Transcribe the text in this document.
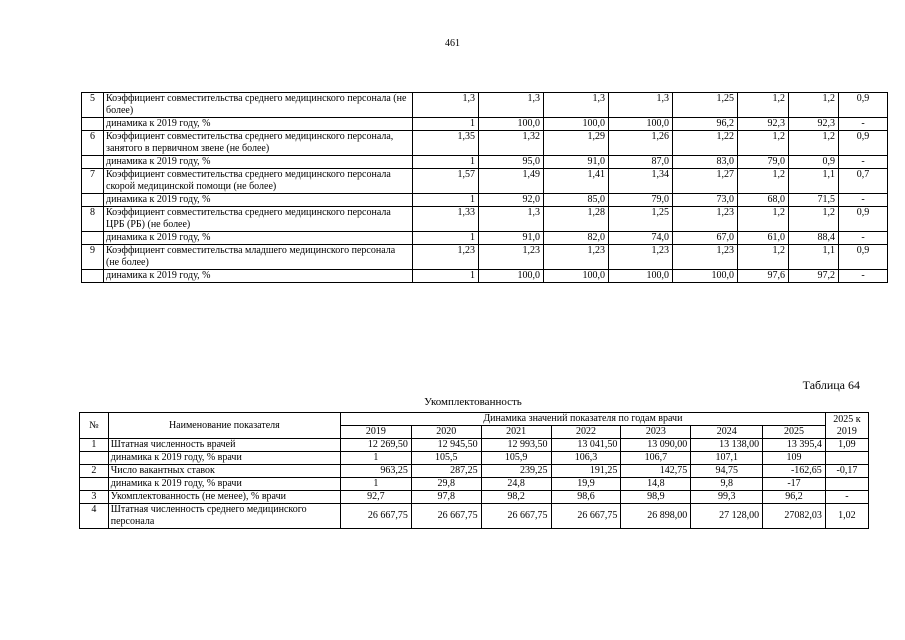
461
5	Коэффициент совместительства среднего медицинского персонала (не более)	1,3	1,3	1,3	1,3	1,25	1,2	1,2	0,9
	динамика к 2019 году, %	1	100,0	100,0	100,0	96,2	92,3	92,3	-
6	Коэффициент совместительства среднего медицинского персонала, занятого в первичном звене (не более)	1,35	1,32	1,29	1,26	1,22	1,2	1,2	0,9
	динамика к 2019 году, %	1	95,0	91,0	87,0	83,0	79,0	0,9	-
7	Коэффициент совместительства среднего медицинского персонала скорой медицинской помощи (не более)	1,57	1,49	1,41	1,34	1,27	1,2	1,1	0,7
	динамика к 2019 году, %	1	92,0	85,0	79,0	73,0	68,0	71,5	-
8	Коэффициент совместительства среднего медицинского персонала ЦРБ (РБ) (не более)	1,33	1,3	1,28	1,25	1,23	1,2	1,2	0,9
	динамика к 2019 году, %	1	91,0	82,0	74,0	67,0	61,0	88,4	-
9	Коэффициент совместительства младшего медицинского персонала (не более)	1,23	1,23	1,23	1,23	1,23	1,2	1,1	0,9
	динамика к 2019 году, %	1	100,0	100,0	100,0	100,0	97,6	97,2	-
Таблица 64
Укомплектованность
№	Наименование показателя	Динамика значений показателя по годам врачи							2025 к 2019
		2019	2020	2021	2022	2023	2024	2025	
1	Штатная численность врачей	12 269,50	12 945,50	12 993,50	13 041,50	13 090,00	13 138,00	13 395,4	1,09
	динамика к 2019 году, % врачи	1	105,5	105,9	106,3	106,7	107,1	109	
2	Число вакантных ставок	963,25	287,25	239,25	191,25	142,75	94,75	-162,65	-0,17
	динамика к 2019 году, % врачи	1	29,8	24,8	19,9	14,8	9,8	-17	
3	Укомплектованность (не менее), % врачи	92,7	97,8	98,2	98,6	98,9	99,3	96,2	-
4	Штатная численность среднего медицинского персонала	26 667,75	26 667,75	26 667,75	26 667,75	26 898,00	27 128,00	27082,03	1,02
